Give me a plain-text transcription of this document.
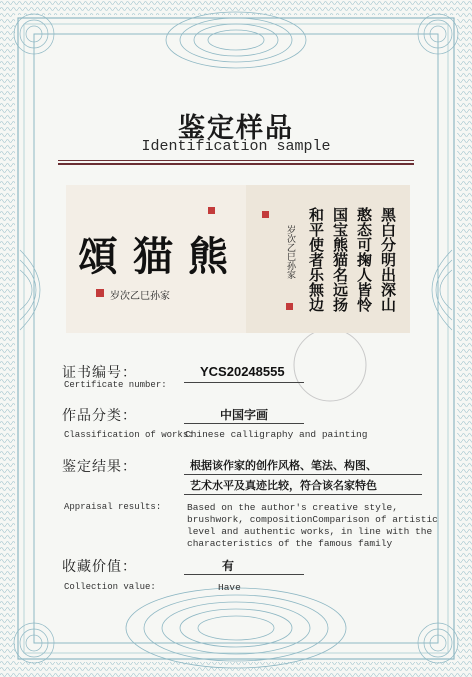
鉴定样品
Identification sample
頌猫熊
岁次乙巳孙家	黑白分明出深山
憨态可掬人皆怜
国宝熊猫名远扬
和平使者乐無边
岁次乙巳孙家
证书编号：
Certificate number:
YCS20248555
作品分类：	中国字画
Classification of works:
Chinese calligraphy and painting
鉴定结果：	根据该作家的创作风格、笔法、构图、
艺术水平及真迹比较，符合该名家特色
Appraisal results:	Based on the author's creative style,
brushwork, compositionComparison of artistic
level and authentic works, in line with the
characteristics of the famous family
收藏价值：	有
Collection value:	Have
